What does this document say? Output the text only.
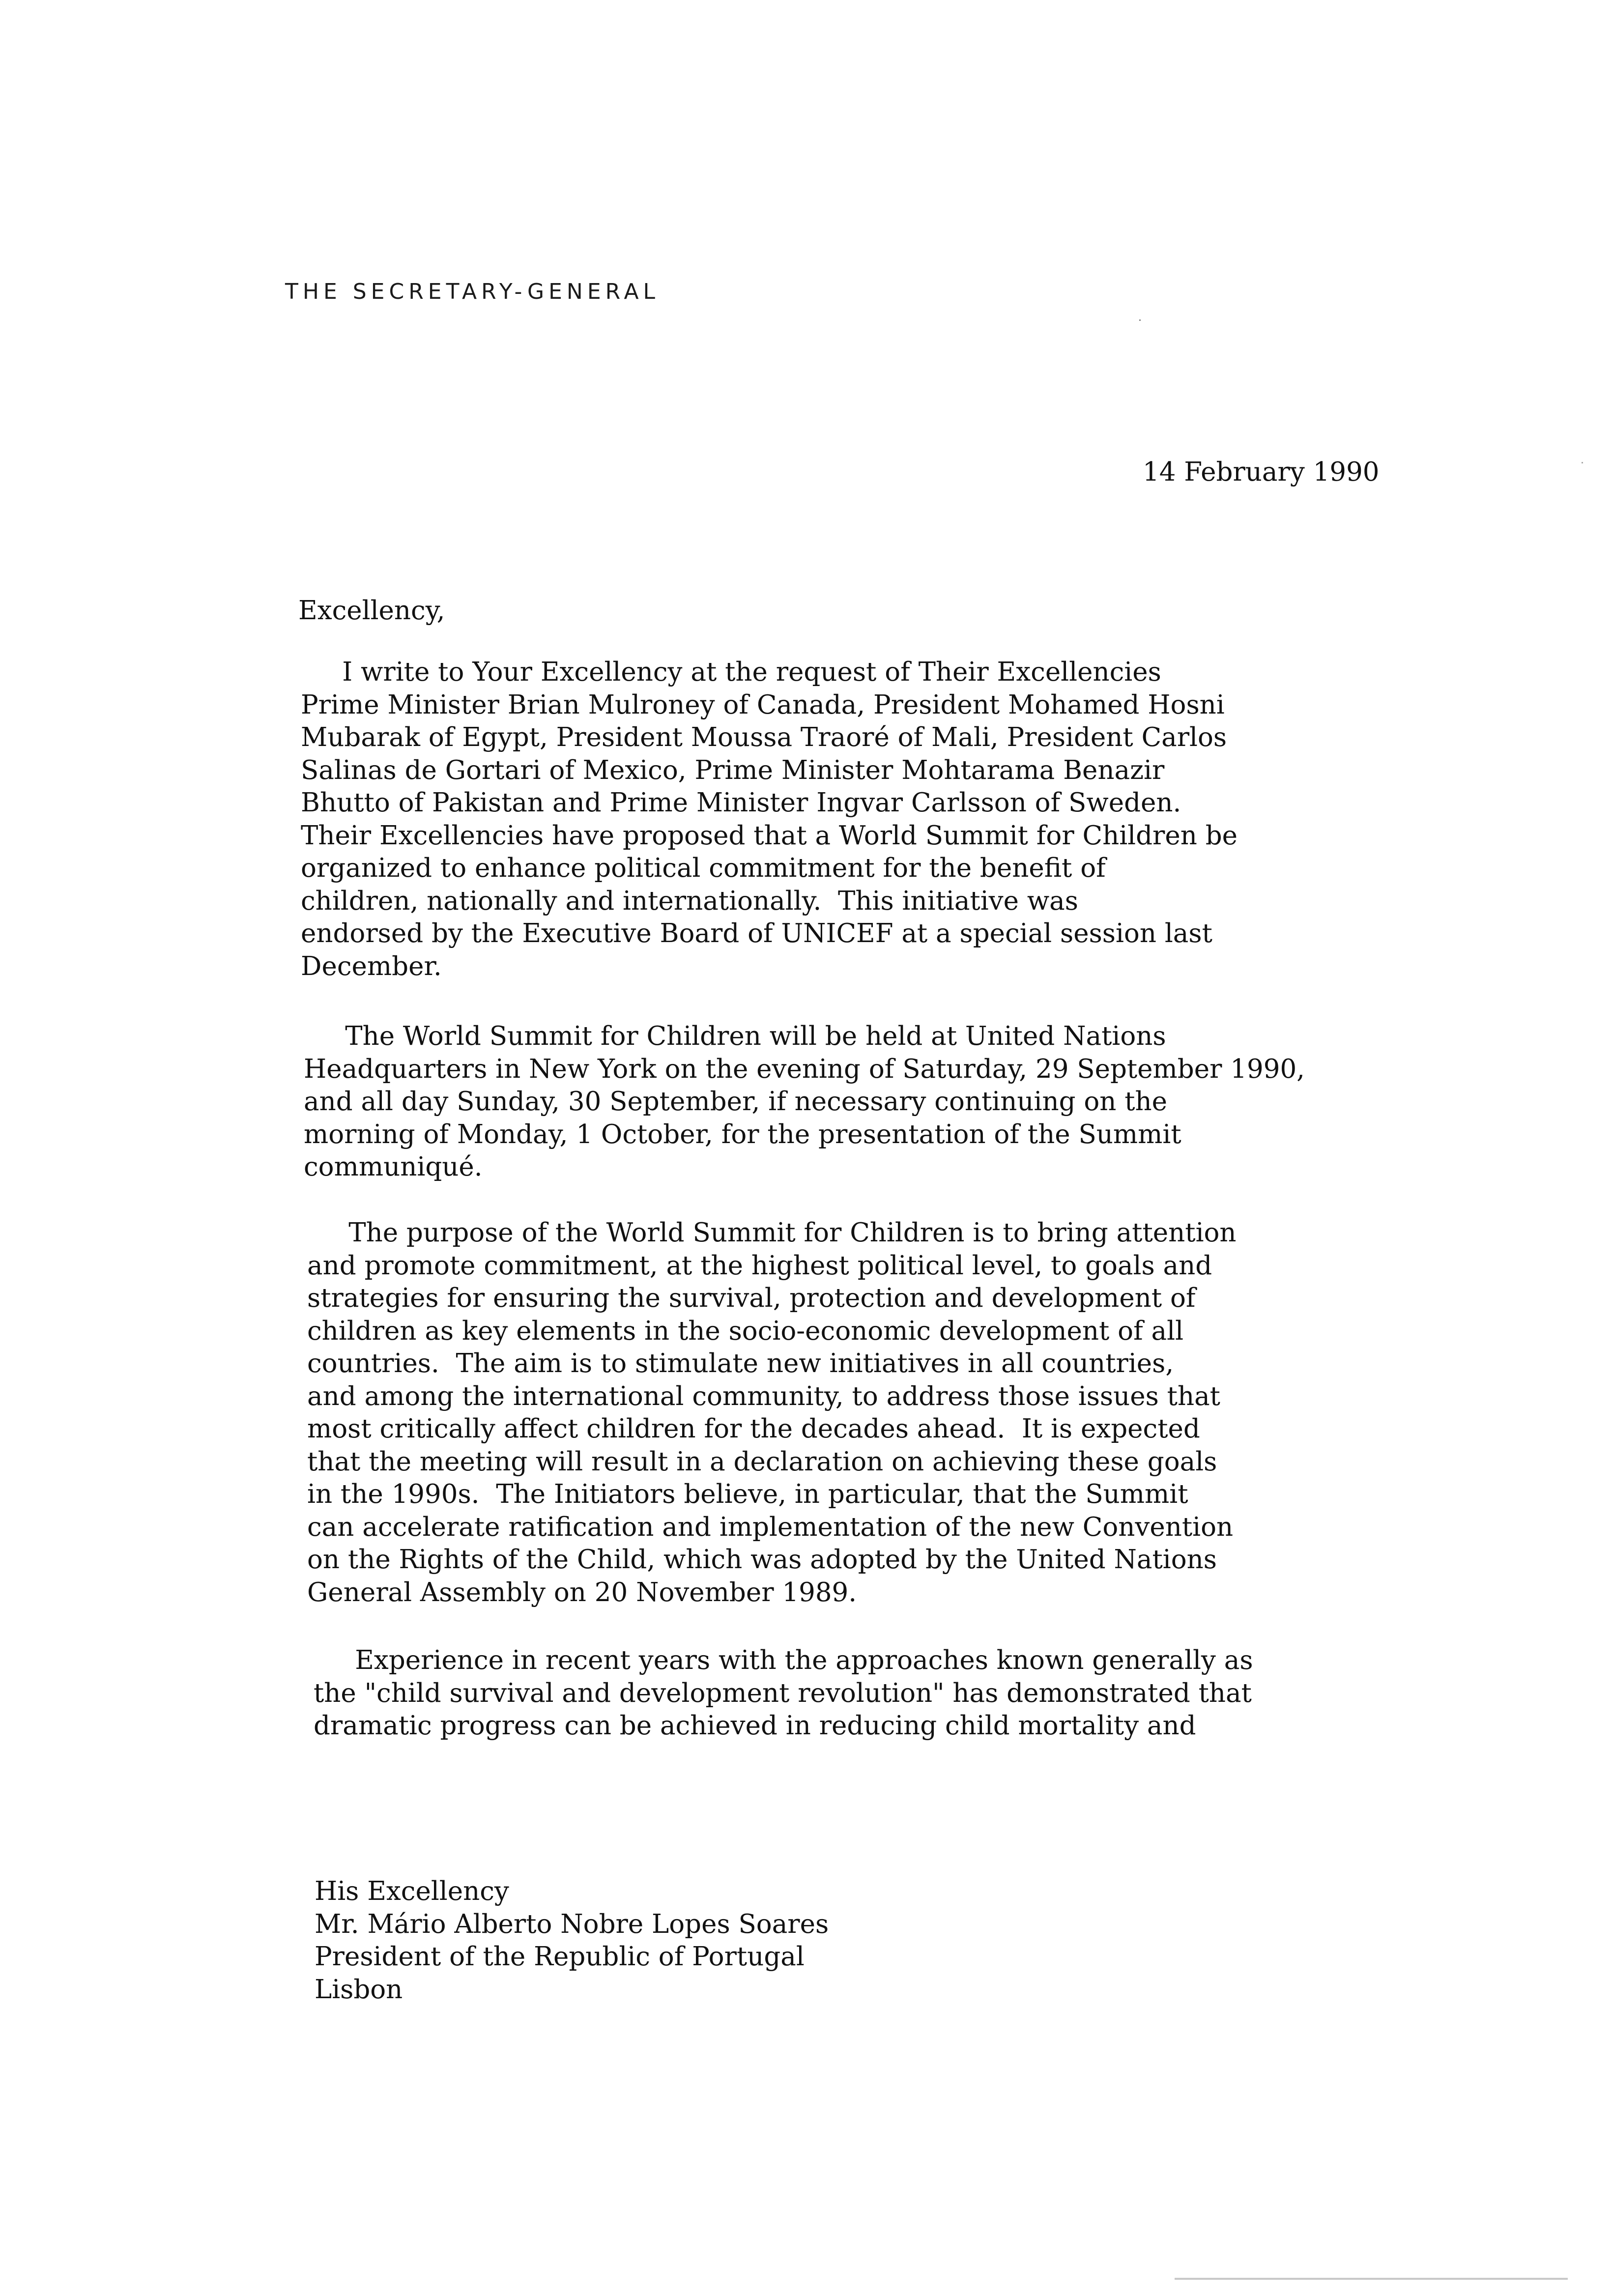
THE SECRETARY-GENERAL
14 February 1990
Excellency,

I write to Your Excellency at the request of Their Excellencies
Prime Minister Brian Mulroney of Canada, President Mohamed Hosni
Mubarak of Egypt, President Moussa Traoré of Mali, President Carlos
Salinas de Gortari of Mexico, Prime Minister Mohtarama Benazir
Bhutto of Pakistan and Prime Minister Ingvar Carlsson of Sweden.
Their Excellencies have proposed that a World Summit for Children be
organized to enhance political commitment for the benefit of
children, nationally and internationally.  This initiative was
endorsed by the Executive Board of UNICEF at a special session last
December.

The World Summit for Children will be held at United Nations
Headquarters in New York on the evening of Saturday, 29 September 1990,
and all day Sunday, 30 September, if necessary continuing on the
morning of Monday, 1 October, for the presentation of the Summit
communiqué.

The purpose of the World Summit for Children is to bring attention
and promote commitment, at the highest political level, to goals and
strategies for ensuring the survival, protection and development of
children as key elements in the socio-economic development of all
countries.  The aim is to stimulate new initiatives in all countries,
and among the international community, to address those issues that
most critically affect children for the decades ahead.  It is expected
that the meeting will result in a declaration on achieving these goals
in the 1990s.  The Initiators believe, in particular, that the Summit
can accelerate ratification and implementation of the new Convention
on the Rights of the Child, which was adopted by the United Nations
General Assembly on 20 November 1989.

Experience in recent years with the approaches known generally as
the "child survival and development revolution" has demonstrated that
dramatic progress can be achieved in reducing child mortality and

His Excellency
Mr. Mário Alberto Nobre Lopes Soares
President of the Republic of Portugal
Lisbon
